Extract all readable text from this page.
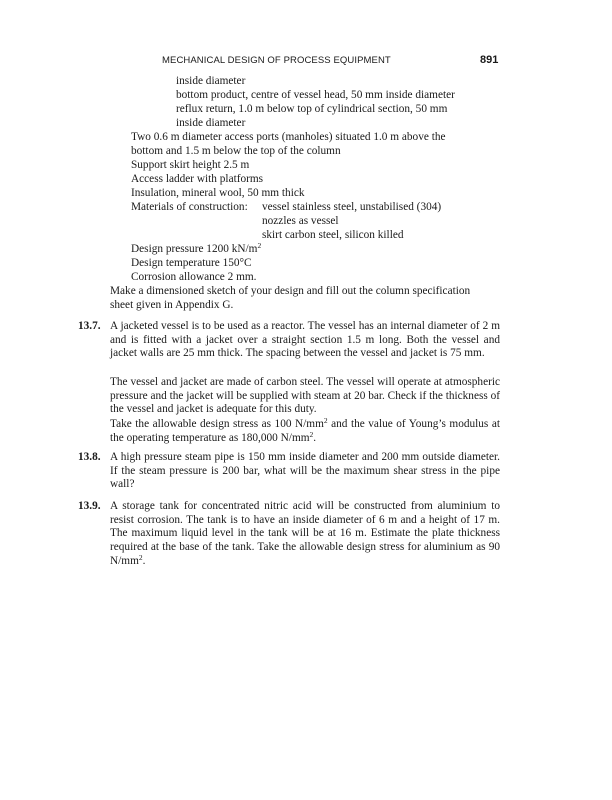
MECHANICAL DESIGN OF PROCESS EQUIPMENT	891
inside diameter
bottom product, centre of vessel head, 50 mm inside diameter
reflux return, 1.0 m below top of cylindrical section, 50 mm
inside diameter
Two 0.6 m diameter access ports (manholes) situated 1.0 m above the
bottom and 1.5 m below the top of the column
Support skirt height 2.5 m
Access ladder with platforms
Insulation, mineral wool, 50 mm thick
Materials of construction: vessel stainless steel, unstabilised (304)
nozzles as vessel
skirt carbon steel, silicon killed
Design pressure 1200 $kN/m^2$
Design temperature 150°C
Corrosion allowance 2 mm.
Make a dimensioned sketch of your design and fill out the column specification
sheet given in Appendix G.
13.7. A jacketed vessel is to be used as a reactor. The vessel has an internal diameter of 2 m and is fitted with a jacket over a straight section 1.5 m long. Both the vessel and jacket walls are 25 mm thick. The spacing between the vessel and jacket is 75 mm.
The vessel and jacket are made of carbon steel. The vessel will operate at atmospheric pressure and the jacket will be supplied with steam at 20 bar. Check if the thickness of the vessel and jacket is adequate for this duty.
Take the allowable design stress as 100 $N/mm^2$ and the value of Young’s modulus at the operating temperature as 180,000 $N/mm^2$.
13.8. A high pressure steam pipe is 150 mm inside diameter and 200 mm outside diameter. If the steam pressure is 200 bar, what will be the maximum shear stress in the pipe wall?
13.9. A storage tank for concentrated nitric acid will be constructed from aluminium to resist corrosion. The tank is to have an inside diameter of 6 m and a height of 17 m. The maximum liquid level in the tank will be at 16 m. Estimate the plate thickness required at the base of the tank. Take the allowable design stress for aluminium as 90 $N/mm^2$.
